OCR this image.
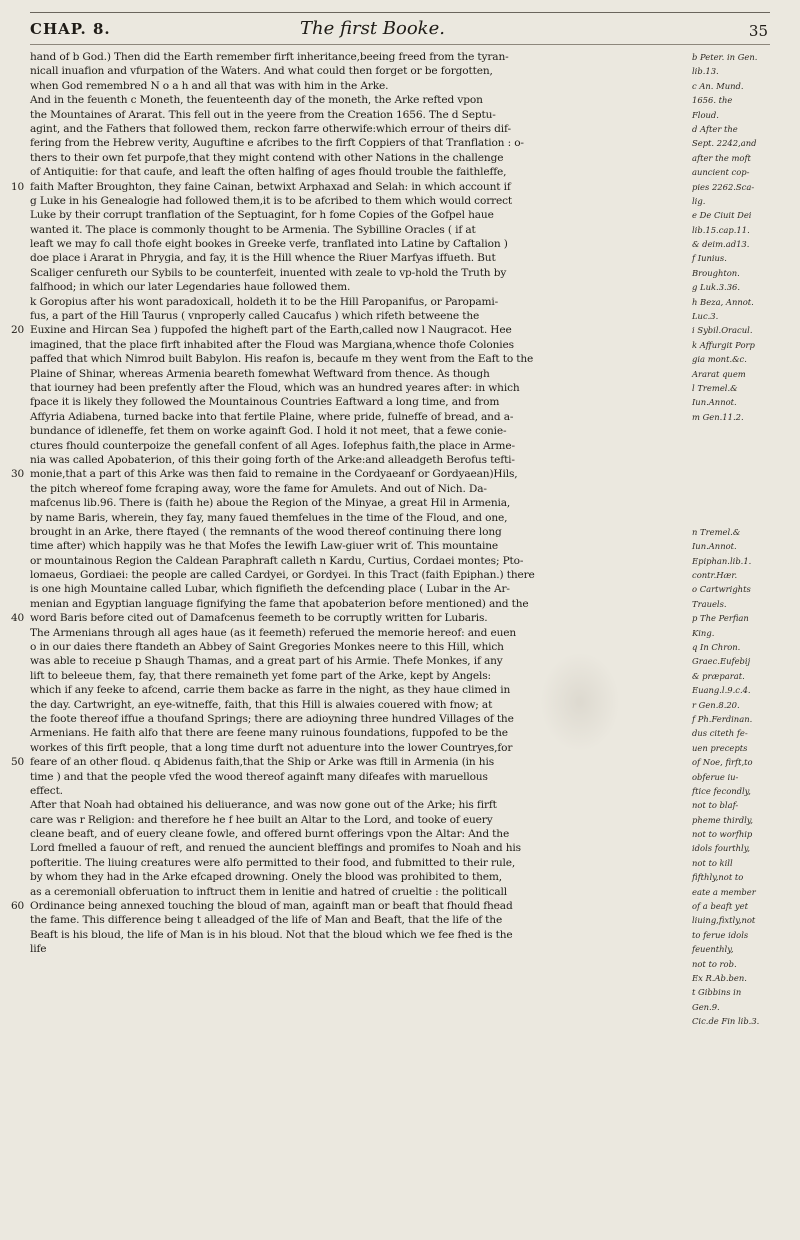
CHAP. 8.	The first Booke.	35
hand of b God.) Then did the Earth remember firft inheritance,beeing freed from the tyran-
nicall inuafion and vfurpation of the Waters. And what could then forget or be forgotten,
when God remembred N o a h and all that was with him in the Arke.
And in the feuenth c Moneth, the feuenteenth day of the moneth, the Arke refted vpon
the Mountaines of Ararat. This fell out in the yeere from the Creation 1656. The d Septu-
agint, and the Fathers that followed them, reckon farre otherwife:which errour of theirs dif-
fering from the Hebrew verity, Auguftine e afcribes to the firft Coppiers of that Tranflation : o-
thers to their own fet purpofe,that they might contend with other Nations in the challenge
of Antiquitie: for that caufe, and leaft the often halfing of ages fhould trouble the faithleffe,
10 faith Mafter Broughton, they faine Cainan, betwixt Arphaxad and Selah: in which account if
g Luke in his Genealogie had followed them,it is to be afcribed to them which would correct
Luke by their corrupt tranflation of the Septuagint, for h fome Copies of the Gofpel haue
wanted it. The place is commonly thought to be Armenia. The Sybilline Oracles ( if at
leaft we may fo call thofe eight bookes in Greeke verfe, tranflated into Latine by Caftalion )
doe place i Ararat in Phrygia, and fay, it is the Hill whence the Riuer Marfyas iffueth. But
Scaliger cenfureth our Sybils to be counterfeit, inuented with zeale to vp-hold the Truth by
falfhood; in which our later Legendaries haue followed them.
k Goropius after his wont paradoxicall, holdeth it to be the Hill Paropanifus, or Paropami-
fus, a part of the Hill Taurus ( vnproperly called Caucafus ) which rifeth betweene the
20 Euxine and Hircan Sea ) fuppofed the higheft part of the Earth,called now l Naugracot. Hee
imagined, that the place firft inhabited after the Floud was Margiana,whence thofe Colonies
paffed that which Nimrod built Babylon. His reafon is, becaufe m they went from the Eaft to the
Plaine of Shinar, whereas Armenia beareth fomewhat Weftward from thence. As though
that iourney had been prefently after the Floud, which was an hundred yeares after: in which
fpace it is likely they followed the Mountainous Countries Eaftward a long time, and from
Affyria Adiabena, turned backe into that fertile Plaine, where pride, fulneffe of bread, and a-
bundance of idleneffe, fet them on worke againft God. I hold it not meet, that a fewe conie-
ctures fhould counterpoize the genefall confent of all Ages. Iofephus faith,the place in Arme-
nia was called Apobaterion, of this their going forth of the Arke:and alleadgeth Berofus tefti-
30 monie,that a part of this Arke was then faid to remaine in the Cordyaeanf or Gordyaean)Hils,
the pitch whereof fome fcraping away, wore the fame for Amulets. And out of Nich. Da-
mafcenus lib.96. There is (faith he) aboue the Region of the Minyae, a great Hil in Armenia,
by name Baris, wherein, they fay, many faued themfelues in the time of the Floud, and one,
brought in an Arke, there ftayed ( the remnants of the wood thereof continuing there long
time after) which happily was he that Mofes the Iewifh Law-giuer writ of. This mountaine
or mountainous Region the Caldean Paraphraft calleth n Kardu, Curtius, Cordaei montes; Pto-
lomaeus, Gordiaei: the people are called Cardyei, or Gordyei. In this Tract (faith Epiphan.) there
is one high Mountaine called Lubar, which fignifieth the defcending place ( Lubar in the Ar-
menian and Egyptian language fignifying the fame that apobaterion before mentioned) and the
40 word Baris before cited out of Damafcenus feemeth to be corruptly written for Lubaris.
The Armenians through all ages haue (as it feemeth) referued the memorie hereof: and euen
o in our daies there ftandeth an Abbey of Saint Gregories Monkes neere to this Hill, which
was able to receiue p Shaugh Thamas, and a great part of his Armie. Thefe Monkes, if any
lift to beleeue them, fay, that there remaineth yet fome part of the Arke, kept by Angels:
which if any feeke to afcend, carrie them backe as farre in the night, as they haue climed in
the day. Cartwright, an eye-witneffe, faith, that this Hill is alwaies couered with fnow; at
the foote thereof iffue a thoufand Springs; there are adioyning three hundred Villages of the
Armenians. He faith alfo that there are feene many ruinous foundations, fuppofed to be the
workes of this firft people, that a long time durft not aduenture into the lower Countryes,for
50 feare of an other floud. q Abidenus faith,that the Ship or Arke was ftill in Armenia (in his
time ) and that the people vfed the wood thereof againft many difeafes with maruellous
effect.
After that Noah had obtained his deliuerance, and was now gone out of the Arke; his firft
care was r Religion: and therefore he f hee built an Altar to the Lord, and tooke of euery
cleane beaft, and of euery cleane fowle, and offered burnt offerings vpon the Altar: And the
Lord fmelled a fauour of reft, and renued the auncient bleffings and promifes to Noah and his
pofteritie. The liuing creatures were alfo permitted to their food, and fubmitted to their rule,
by whom they had in the Arke efcaped drowning. Onely the blood was prohibited to them,
as a ceremoniall obferuation to inftruct them in lenitie and hatred of crueltie : the politicall
60 Ordinance being annexed touching the bloud of man, againft man or beaft that fhould fhead
the fame. This difference being t alleadged of the life of Man and Beaft, that the life of the
Beaft is his bloud, the life of Man is in his bloud. Not that the bloud which we fee fhed is the
life
b Peter. in Gen.
lib.13.
c An. Mund.
1656. the
Floud.
d After the
Sept. 2242,and
after the moft
auncient cop-
pies 2262.Sca-
lig.
e De Ciuit Dei
lib.15.cap.11.
& deim.ad13.
f Iunius.
Broughton.
g Luk.3.36.
h Beza, Annot.
Luc.3.
i Sybil.Oracul.
k Affurgit Porp
gia mont.&c.
Ararat quem
l Tremel.&
Iun.Annot.
m Gen.11.2.
n Tremel.&
Iun.Annot.
Epiphan.lib.1.
contr.Hær.
o Cartwrights
Trauels.
p The Perfian
King.
q In Chron.
Graec.Eufebij
& præparat.
Euang.l.9.c.4.
r Gen.8.20.
f Ph.Ferdinan.
dus citeth fe-
uen precepts
of Noe, firft,to
obferue iu-
ftice fecondly,
not to blaf-
pheme thirdly,
not to worfhip
idols fourthly,
not to kill
fifthly,not to
eate a member
of a beaft yet
liuing,fixtly,not
to ferue idols
feuenthly,
not to rob.
Ex R.Ab.ben.
t Gibbins in
Gen.9.
Cic.de Fin lib.3.
